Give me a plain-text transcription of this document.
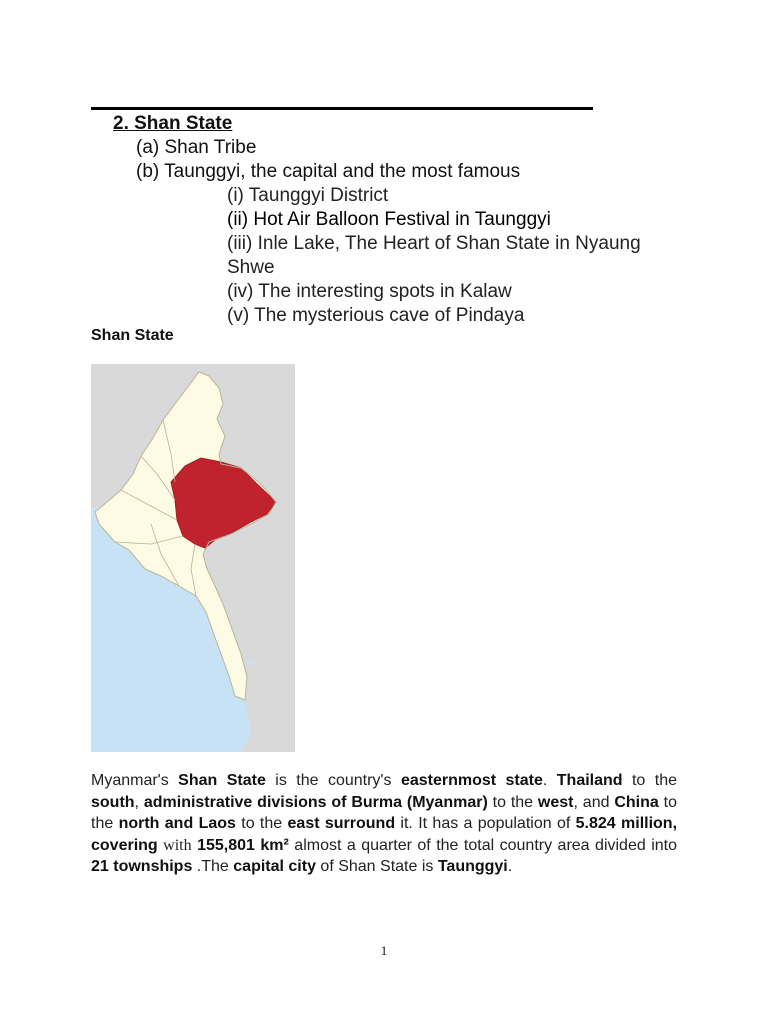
2. Shan State
(a) Shan Tribe
(b) Taunggyi, the capital and the most famous
(i) Taunggyi District
(ii) Hot Air Balloon Festival in Taunggyi
(iii) Inle Lake, The Heart of Shan State in Nyaung
Shwe
(iv) The interesting spots in Kalaw
(v) The mysterious cave of Pindaya
Shan State
Myanmar's Shan State is the country's easternmost state. Thailand to the south, administrative divisions of Burma (Myanmar) to the west, and China to the north and Laos to the east surround it. It has a population of 5.824 million, covering with 155,801 km² almost a quarter of the total country area divided into 21 townships .The capital city of Shan State is Taunggyi.
1
